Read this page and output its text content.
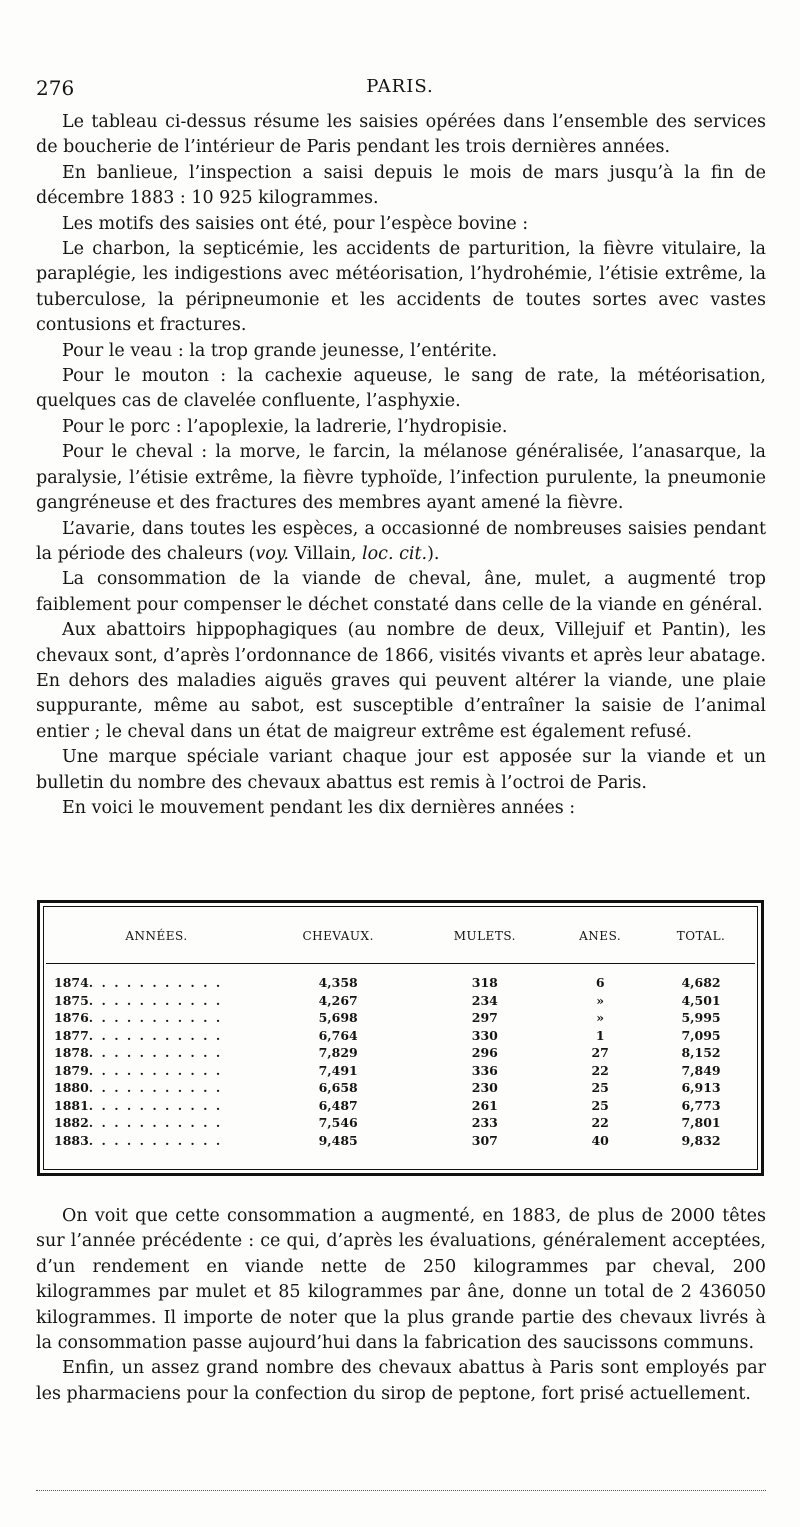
276	PARIS.

Le tableau ci-dessus résume les saisies opérées dans l’ensemble des services de boucherie de l’intérieur de Paris pendant les trois dernières années.

En banlieue, l’inspection a saisi depuis le mois de mars jusqu’à la fin de décembre 1883 : 10 925 kilogrammes.

Les motifs des saisies ont été, pour l’espèce bovine :

Le charbon, la septicémie, les accidents de parturition, la fièvre vitulaire, la paraplégie, les indigestions avec météorisation, l’hydrohémie, l’étisie extrême, la tuberculose, la péripneumonie et les accidents de toutes sortes avec vastes contusions et fractures.

Pour le veau : la trop grande jeunesse, l’entérite.

Pour le mouton : la cachexie aqueuse, le sang de rate, la météorisation, quelques cas de clavelée confluente, l’asphyxie.

Pour le porc : l’apoplexie, la ladrerie, l’hydropisie.

Pour le cheval : la morve, le farcin, la mélanose généralisée, l’anasarque, la paralysie, l’étisie extrême, la fièvre typhoïde, l’infection purulente, la pneumonie gangréneuse et des fractures des membres ayant amené la fièvre.

L’avarie, dans toutes les espèces, a occasionné de nombreuses saisies pendant la période des chaleurs (voy. Villain, loc. cit.).

La consommation de la viande de cheval, âne, mulet, a augmenté trop faiblement pour compenser le déchet constaté dans celle de la viande en général.

Aux abattoirs hippophagiques (au nombre de deux, Villejuif et Pantin), les chevaux sont, d’après l’ordonnance de 1866, visités vivants et après leur abatage. En dehors des maladies aiguës graves qui peuvent altérer la viande, une plaie suppurante, même au sabot, est susceptible d’entraîner la saisie de l’animal entier ; le cheval dans un état de maigreur extrême est également refusé.

Une marque spéciale variant chaque jour est apposée sur la viande et un bulletin du nombre des chevaux abattus est remis à l’octroi de Paris.

En voici le mouvement pendant les dix dernières années :

ANNÉES.	CHEVAUX.	MULETS.	ANES.	TOTAL.
1874. . . . . . . . . . .	4,358	318	6	4,682
1875. . . . . . . . . . .	4,267	234	»	4,501
1876. . . . . . . . . . .	5,698	297	»	5,995
1877. . . . . . . . . . .	6,764	330	1	7,095
1878. . . . . . . . . . .	7,829	296	27	8,152
1879. . . . . . . . . . .	7,491	336	22	7,849
1880. . . . . . . . . . .	6,658	230	25	6,913
1881. . . . . . . . . . .	6,487	261	25	6,773
1882. . . . . . . . . . .	7,546	233	22	7,801
1883. . . . . . . . . . .	9,485	307	40	9,832

On voit que cette consommation a augmenté, en 1883, de plus de 2000 têtes sur l’année précédente : ce qui, d’après les évaluations, généralement acceptées, d’un rendement en viande nette de 250 kilogrammes par cheval, 200 kilogrammes par mulet et 85 kilogrammes par âne, donne un total de 2 436050 kilogrammes. Il importe de noter que la plus grande partie des chevaux livrés à la consommation passe aujourd’hui dans la fabrication des saucissons communs.

Enfin, un assez grand nombre des chevaux abattus à Paris sont employés par les pharmaciens pour la confection du sirop de peptone, fort prisé actuellement.
